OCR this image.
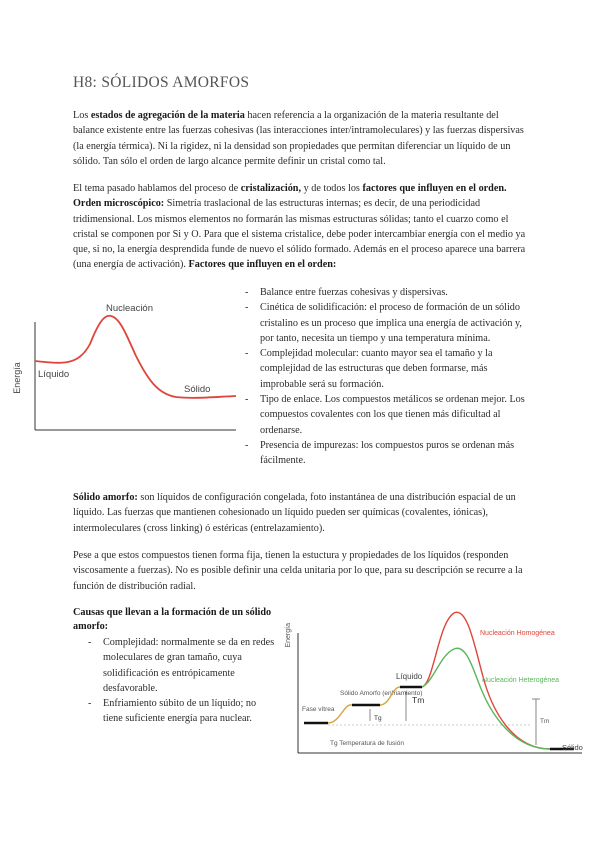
H8: SÓLIDOS AMORFOS

Los estados de agregación de la materia hacen referencia a la organización de la materia resultante del balance existente entre las fuerzas cohesivas (las interacciones inter/intramoleculares) y las fuerzas dispersivas (la energía térmica). Ni la rigidez, ni la densidad son propiedades que permitan diferenciar un líquido de un sólido. Tan sólo el orden de largo alcance permite definir un cristal como tal.

El tema pasado hablamos del proceso de cristalización, y de todos los factores que influyen en el orden. Orden microscópico: Simetría traslacional de las estructuras internas; es decir, de una periodicidad tridimensional. Los mismos elementos no formarán las mismas estructuras sólidas; tanto el cuarzo como el cristal se componen por Si y O. Para que el sistema cristalice, debe poder intercambiar energía con el medio ya que, si no, la energía desprendida funde de nuevo el sólido formado. Además en el proceso aparece una barrera (una energía de activación). Factores que influyen en el orden:

Energía
Nucleación
Líquido
Sólido
- Balance entre fuerzas cohesivas y dispersivas.
- Cinética de solidificación: el proceso de formación de un sólido cristalino es un proceso que implica una energía de activación y, por tanto, necesita un tiempo y una temperatura mínima.
- Complejidad molecular: cuanto mayor sea el tamaño y la complejidad de las estructuras que deben formarse, más improbable será su formación.
- Tipo de enlace. Los compuestos metálicos se ordenan mejor. Los compuestos covalentes con los que tienen más dificultad al ordenarse.
- Presencia de impurezas: los compuestos puros se ordenan más fácilmente.

Sólido amorfo: son líquidos de configuración congelada, foto instantánea de una distribución espacial de un líquido. Las fuerzas que mantienen cohesionado un líquido pueden ser químicas (covalentes, iónicas), intermoleculares (cross linking) ó estéricas (entrelazamiento).

Pese a que estos compuestos tienen forma fija, tienen la estuctura y propiedades de los líquidos (responden viscosamente a fuerzas). No es posible definir una celda unitaria por lo que, para su descripción se recurre a la función de distribución radial.

Causas que llevan a la formación de un sólido amorfo:

- Complejidad: normalmente se da en redes moleculares de gran tamaño, cuya solidificación es entrópicamente desfavorable.
- Enfriamiento súbito de un líquido; no tiene suficiente energía para nuclear.
Energía
Fase vítrea
Sólido Amorfo (enfriamiento)
Líquido
Nucleación Homogénea
Nucleación Heterogénea
Sólido
Tm
Tg	Tm
Tg Temperatura de fusión
